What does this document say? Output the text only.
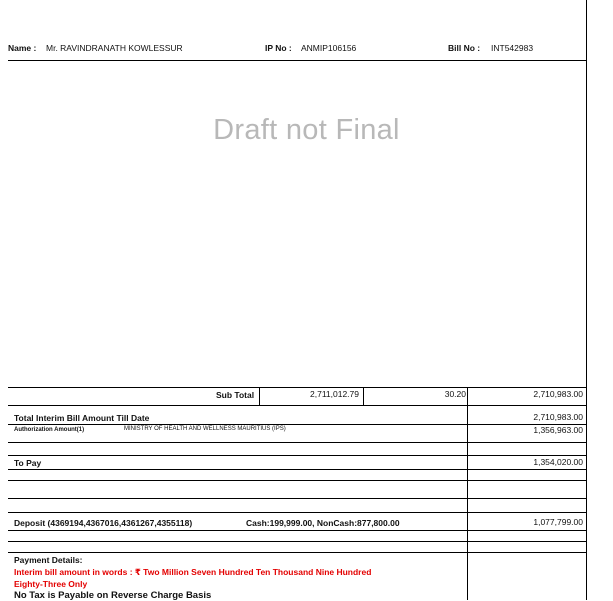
Name : Mr. RAVINDRANATH KOWLESSUR	IP No : ANMIP106156	Bill No : INT542983
Draft not Final
Sub Total	2,711,012.79	30.20	2,710,983.00
Total Interim Bill Amount Till Date	2,710,983.00
Authorization Amount(1)	MINISTRY OF HEALTH AND WELLNESS MAURITIUS (IPS)	1,356,963.00
To Pay	1,354,020.00
Deposit (4369194,4367016,4361267,4355118)	Cash:199,999.00, NonCash:877,800.00	1,077,799.00
Payment Details:
Interim bill amount in words : ₹ Two Million Seven Hundred Ten Thousand Nine Hundred
Eighty-Three Only
No Tax is Payable on Reverse Charge Basis
